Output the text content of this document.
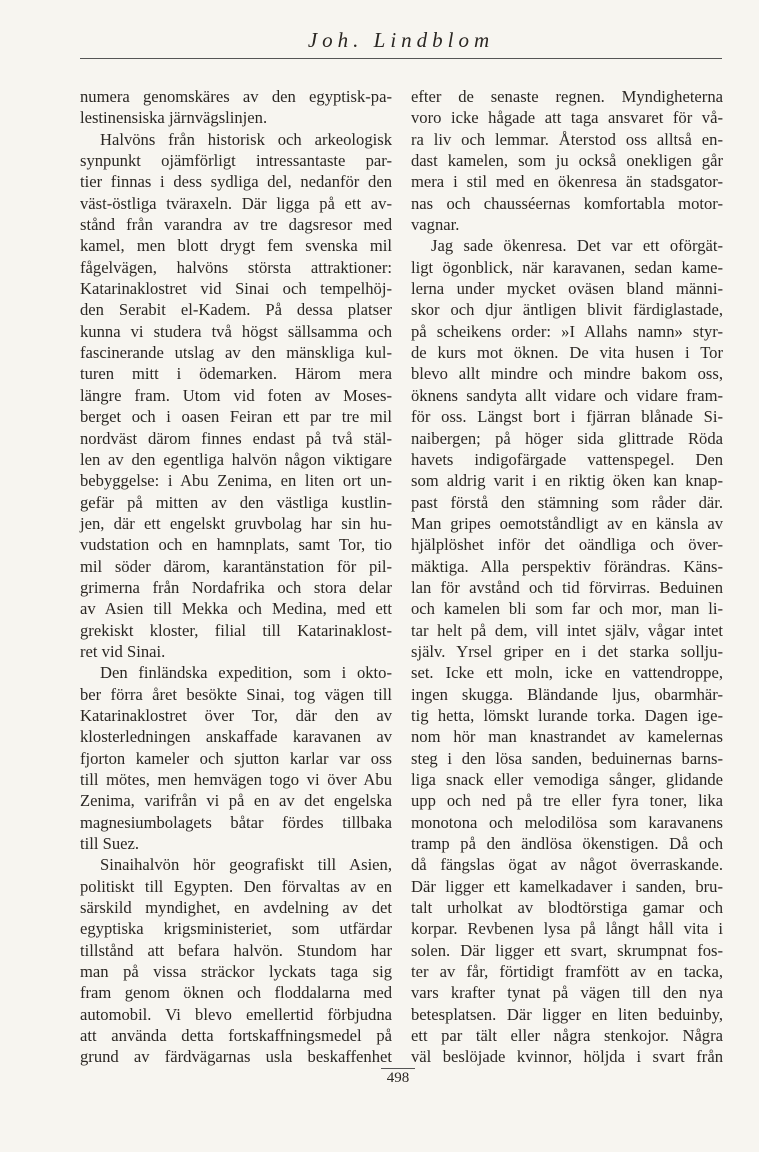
Joh. Lindblom
numera genomskäres av den egyptisk-pa-
lestinensiska järnvägslinjen.
Halvöns från historisk och arkeologisk
synpunkt ojämförligt intressantaste par-
tier finnas i dess sydliga del, nedanför den
väst-östliga tväraxeln. Där ligga på ett av-
stånd från varandra av tre dagsresor med
kamel, men blott drygt fem svenska mil
fågelvägen, halvöns största attraktioner:
Katarinaklostret vid Sinai och tempelhöj-
den Serabit el-Kadem. På dessa platser
kunna vi studera två högst sällsamma och
fascinerande utslag av den mänskliga kul-
turen mitt i ödemarken. Härom mera
längre fram. Utom vid foten av Moses-
berget och i oasen Feiran ett par tre mil
nordväst därom finnes endast på två stäl-
len av den egentliga halvön någon viktigare
bebyggelse: i Abu Zenima, en liten ort un-
gefär på mitten av den västliga kustlin-
jen, där ett engelskt gruvbolag har sin hu-
vudstation och en hamnplats, samt Tor, tio
mil söder därom, karantänstation för pil-
grimerna från Nordafrika och stora delar
av Asien till Mekka och Medina, med ett
grekiskt kloster, filial till Katarinaklost-
ret vid Sinai.
Den finländska expedition, som i okto-
ber förra året besökte Sinai, tog vägen till
Katarinaklostret över Tor, där den av
klosterledningen anskaffade karavanen av
fjorton kameler och sjutton karlar var oss
till mötes, men hemvägen togo vi över Abu
Zenima, varifrån vi på en av det engelska
magnesiumbolagets båtar fördes tillbaka
till Suez.
Sinaihalvön hör geografiskt till Asien,
politiskt till Egypten. Den förvaltas av en
särskild myndighet, en avdelning av det
egyptiska krigsministeriet, som utfärdar
tillstånd att befara halvön. Stundom har
man på vissa sträckor lyckats taga sig
fram genom öknen och floddalarna med
automobil. Vi blevo emellertid förbjudna
att använda detta fortskaffningsmedel på
grund av färdvägarnas usla beskaffenhet
efter de senaste regnen. Myndigheterna
voro icke hågade att taga ansvaret för vå-
ra liv och lemmar. Återstod oss alltså en-
dast kamelen, som ju också onekligen går
mera i stil med en ökenresa än stadsgator-
nas och chausséernas komfortabla motor-
vagnar.
Jag sade ökenresa. Det var ett oförgät-
ligt ögonblick, när karavanen, sedan kame-
lerna under mycket oväsen bland männi-
skor och djur äntligen blivit färdiglastade,
på scheikens order: »I Allahs namn» styr-
de kurs mot öknen. De vita husen i Tor
blevo allt mindre och mindre bakom oss,
öknens sandyta allt vidare och vidare fram-
för oss. Längst bort i fjärran blånade Si-
naibergen; på höger sida glittrade Röda
havets indigofärgade vattenspegel. Den
som aldrig varit i en riktig öken kan knap-
past förstå den stämning som råder där.
Man gripes oemotståndligt av en känsla av
hjälplöshet inför det oändliga och över-
mäktiga. Alla perspektiv förändras. Käns-
lan för avstånd och tid förvirras. Beduinen
och kamelen bli som far och mor, man li-
tar helt på dem, vill intet själv, vågar intet
själv. Yrsel griper en i det starka sollju-
set. Icke ett moln, icke en vattendroppe,
ingen skugga. Bländande ljus, obarmhär-
tig hetta, lömskt lurande torka. Dagen ige-
nom hör man knastrandet av kamelernas
steg i den lösa sanden, beduinernas barns-
liga snack eller vemodiga sånger, glidande
upp och ned på tre eller fyra toner, lika
monotona och melodilösa som karavanens
tramp på den ändlösa ökenstigen. Då och
då fängslas ögat av något överraskande.
Där ligger ett kamelkadaver i sanden, bru-
talt urholkat av blodtörstiga gamar och
korpar. Revbenen lysa på långt håll vita i
solen. Där ligger ett svart, skrumpnat fos-
ter av får, förtidigt framfött av en tacka,
vars krafter tynat på vägen till den nya
betesplatsen. Där ligger en liten beduinby,
ett par tält eller några stenkojor. Några
väl beslöjade kvinnor, höljda i svart från
498
